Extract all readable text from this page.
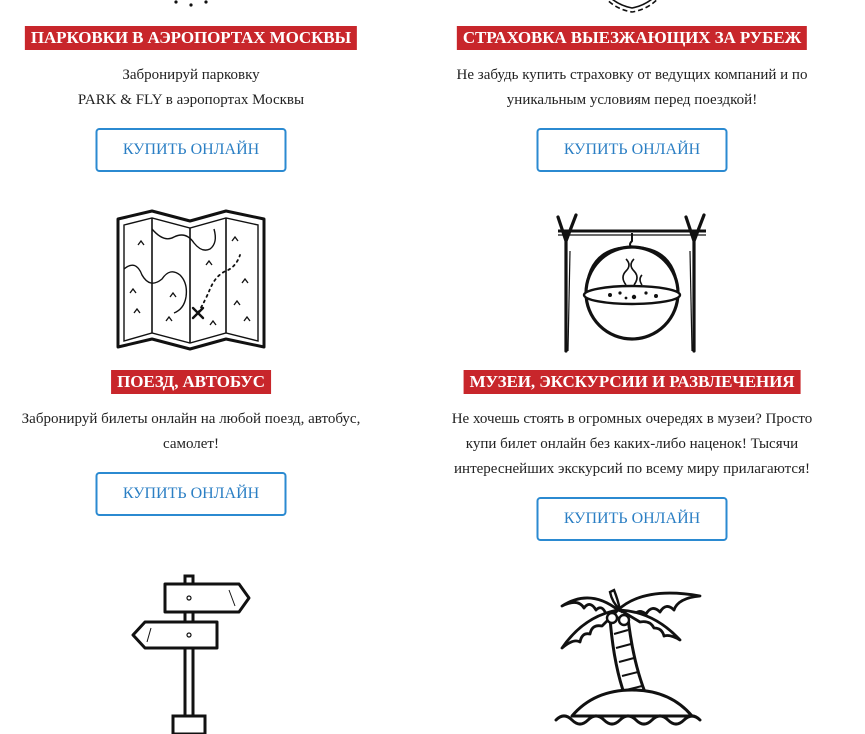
ПАРКОВКИ В АЭРОПОРТАХ МОСКВЫ

Забронируй парковку
PARK & FLY в аэропортах Москвы

КУПИТЬ ОНЛАЙН
СТРАХОВКА ВЫЕЗЖАЮЩИХ ЗА РУБЕЖ

Не забудь купить страховку от ведущих компаний и по
уникальным условиям перед поездкой!

КУПИТЬ ОНЛАЙН
ПОЕЗД, АВТОБУС

Забронируй билеты онлайн на любой поезд, автобус,
самолет!

КУПИТЬ ОНЛАЙН
МУЗЕИ, ЭКСКУРСИИ И РАЗВЛЕЧЕНИЯ

Не хочешь стоять в огромных очередях в музеи? Просто
купи билет онлайн без каких-либо наценок! Тысячи
интереснейших экскурсий по всему миру прилагаются!

КУПИТЬ ОНЛАЙН
